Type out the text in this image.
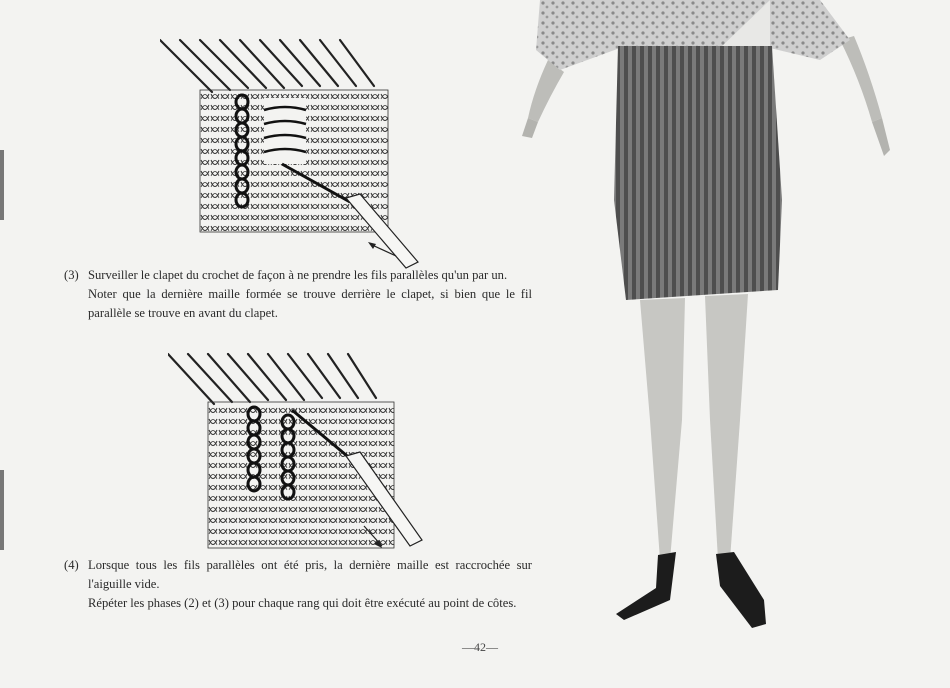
(3) Surveiller le clapet du crochet de façon à ne prendre les fils parallèles qu'un par un.

Noter que la dernière maille formée se trouve derrière le clapet, si bien que le fil parallèle se trouve en avant du clapet.

(4) Lorsque tous les fils parallèles ont été pris, la dernière maille est raccrochée sur l'aiguille vide.

Répéter les phases (2) et (3) pour chaque rang qui doit être exécuté au point de côtes.

—42—
